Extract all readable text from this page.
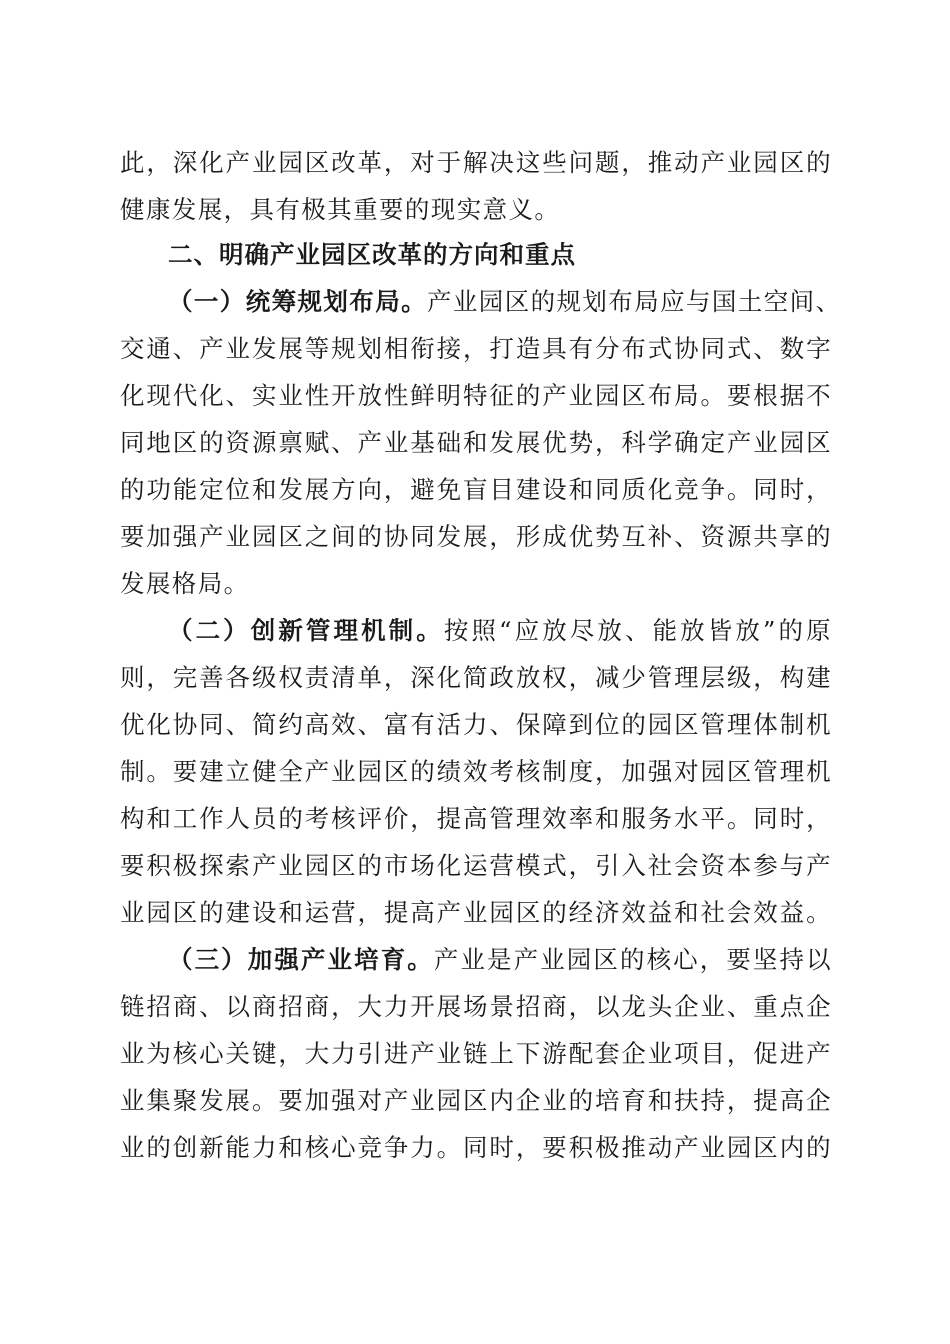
此，深化产业园区改革，对于解决这些问题，推动产业园区的
健康发展，具有极其重要的现实意义。
二、明确产业园区改革的方向和重点
（一）统筹规划布局。产业园区的规划布局应与国土空间、
交通、产业发展等规划相衔接，打造具有分布式协同式、数字
化现代化、实业性开放性鲜明特征的产业园区布局。要根据不
同地区的资源禀赋、产业基础和发展优势，科学确定产业园区
的功能定位和发展方向，避免盲目建设和同质化竞争。同时，
要加强产业园区之间的协同发展，形成优势互补、资源共享的
发展格局。
（二）创新管理机制。按照“应放尽放、能放皆放”的原
则，完善各级权责清单，深化简政放权，减少管理层级，构建
优化协同、简约高效、富有活力、保障到位的园区管理体制机
制。要建立健全产业园区的绩效考核制度，加强对园区管理机
构和工作人员的考核评价，提高管理效率和服务水平。同时，
要积极探索产业园区的市场化运营模式，引入社会资本参与产
业园区的建设和运营，提高产业园区的经济效益和社会效益。
（三）加强产业培育。产业是产业园区的核心，要坚持以
链招商、以商招商，大力开展场景招商，以龙头企业、重点企
业为核心关键，大力引进产业链上下游配套企业项目，促进产
业集聚发展。要加强对产业园区内企业的培育和扶持，提高企
业的创新能力和核心竞争力。同时，要积极推动产业园区内的
